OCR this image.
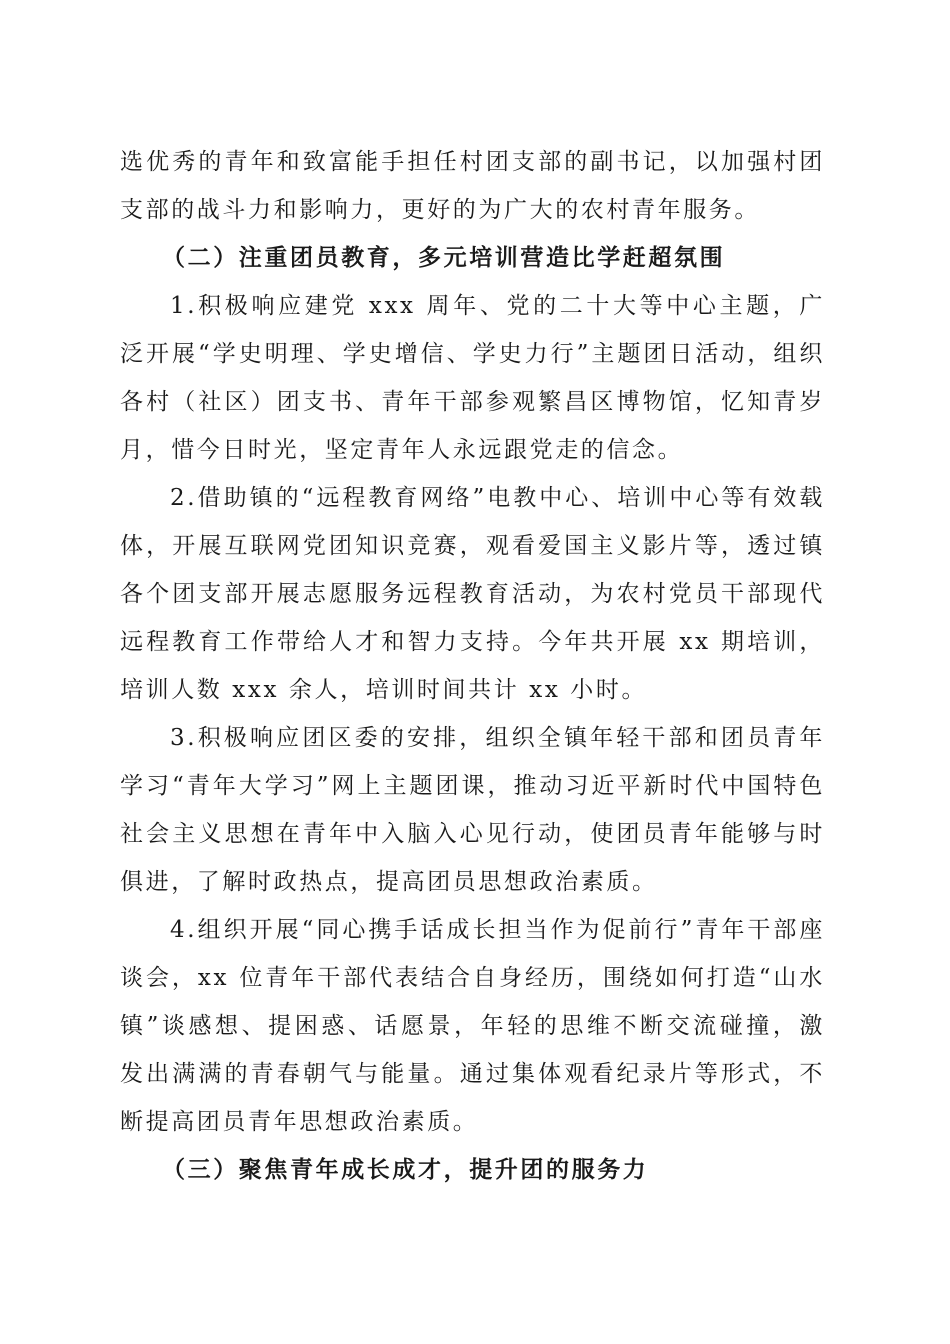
选优秀的青年和致富能手担任村团支部的副书记，以加强村团支部的战斗力和影响力，更好的为广大的农村青年服务。

（二）注重团员教育，多元培训营造比学赶超氛围

1.积极响应建党 xxx 周年、党的二十大等中心主题，广泛开展“学史明理、学史增信、学史力行”主题团日活动，组织各村（社区）团支书、青年干部参观繁昌区博物馆，忆知青岁月，惜今日时光，坚定青年人永远跟党走的信念。

2.借助镇的“远程教育网络”电教中心、培训中心等有效载体，开展互联网党团知识竞赛，观看爱国主义影片等，透过镇各个团支部开展志愿服务远程教育活动，为农村党员干部现代远程教育工作带给人才和智力支持。今年共开展 xx 期培训，培训人数 xxx 余人，培训时间共计 xx 小时。

3.积极响应团区委的安排，组织全镇年轻干部和团员青年学习“青年大学习”网上主题团课，推动习近平新时代中国特色社会主义思想在青年中入脑入心见行动，使团员青年能够与时俱进，了解时政热点，提高团员思想政治素质。

4.组织开展“同心携手话成长担当作为促前行”青年干部座谈会，xx 位青年干部代表结合自身经历，围绕如何打造“山水镇”谈感想、提困惑、话愿景，年轻的思维不断交流碰撞，激发出满满的青春朝气与能量。通过集体观看纪录片等形式，不断提高团员青年思想政治素质。

（三）聚焦青年成长成才，提升团的服务力
